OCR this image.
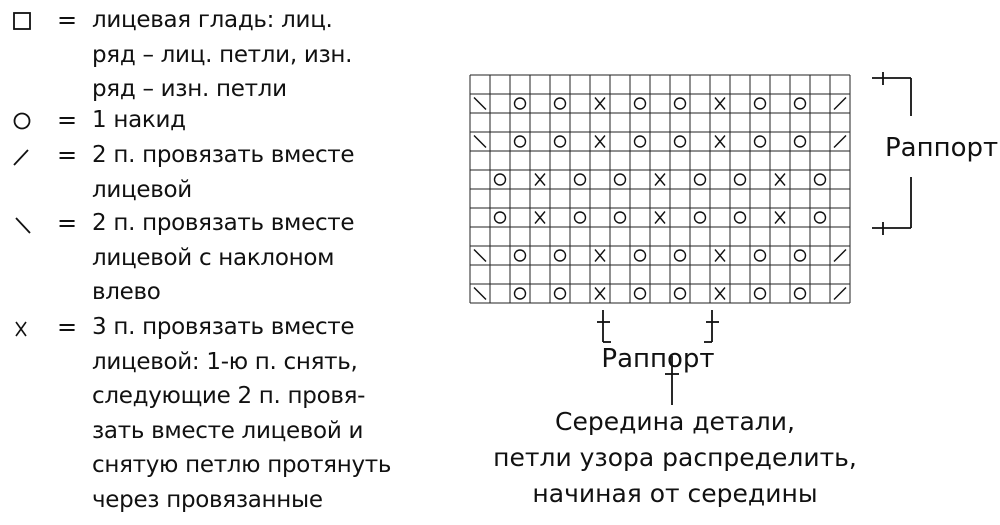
= лицевая гладь: лиц.
ряд – лиц. петли, изн.
ряд – изн. петли
= 1 накид
= 2 п. провязать вместе
лицевой
= 2 п. провязать вместе
лицевой с наклоном
влево
= 3 п. провязать вместе
лицевой: 1-ю п. снять,
следующие 2 п. провя-
зать вместе лицевой и
снятую петлю протянуть
через провязанные
Раппорт
Раппорт
Середина детали,
петли узора распределить,
начиная от середины
